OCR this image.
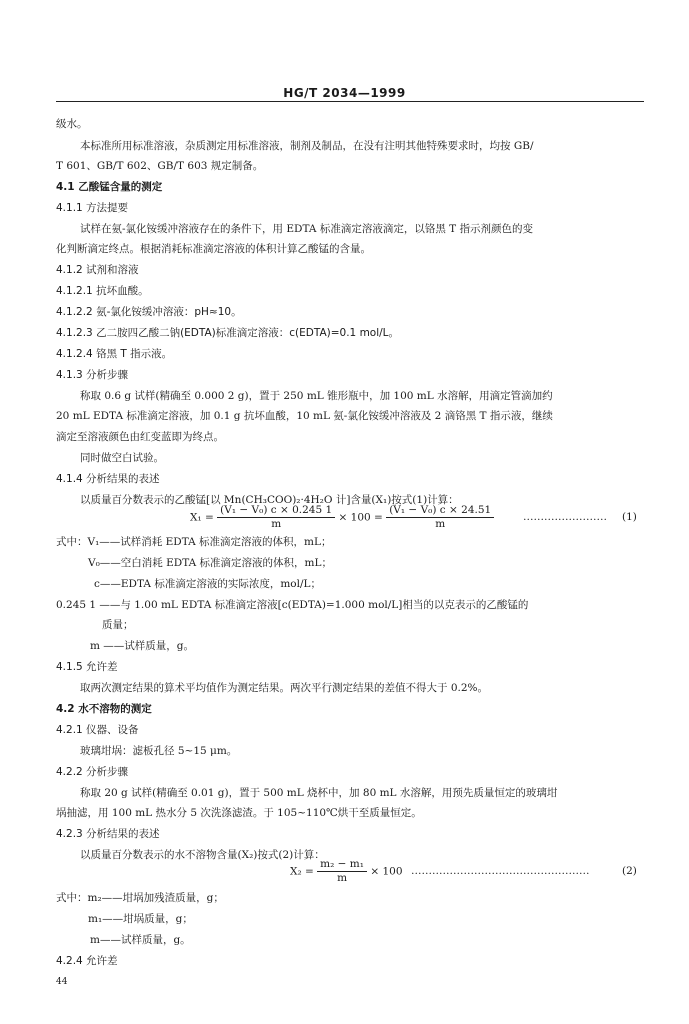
HG/T 2034—1999
级水。
本标准所用标准溶液，杂质测定用标准溶液，制剂及制品，在没有注明其他特殊要求时，均按 GB/
T 601、GB/T 602、GB/T 603 规定制备。
4.1 乙酸锰含量的测定
4.1.1 方法提要
试样在氨-氯化铵缓冲溶液存在的条件下，用 EDTA 标准滴定溶液滴定，以铬黑 T 指示剂颜色的变
化判断滴定终点。根据消耗标准滴定溶液的体积计算乙酸锰的含量。
4.1.2 试剂和溶液
4.1.2.1 抗坏血酸。
4.1.2.2 氨-氯化铵缓冲溶液：pH≈10。
4.1.2.3 乙二胺四乙酸二钠(EDTA)标准滴定溶液：c(EDTA)=0.1 mol/L。
4.1.2.4 铬黑 T 指示液。
4.1.3 分析步骤
称取 0.6 g 试样(精确至 0.000 2 g)，置于 250 mL 锥形瓶中，加 100 mL 水溶解，用滴定管滴加约
20 mL EDTA 标准滴定溶液，加 0.1 g 抗坏血酸，10 mL 氨-氯化铵缓冲溶液及 2 滴铬黑 T 指示液，继续
滴定至溶液颜色由红变蓝即为终点。
同时做空白试验。
4.1.4 分析结果的表述
以质量百分数表示的乙酸锰[以 Mn(CH₃COO)₂·4H₂O 计]含量(X₁)按式(1)计算：
$X_1 = \frac{\text{(V₁ − V₀) c × 0.245 1}}{m} \times 100 = \frac{\text{(V₁ − V₀) c × 24.51}}{m}$	…………………… (1)
式中：V₁——试样消耗 EDTA 标准滴定溶液的体积，mL；
V₀——空白消耗 EDTA 标准滴定溶液的体积，mL；
c——EDTA 标准滴定溶液的实际浓度，mol/L；
0.245 1 ——与 1.00 mL EDTA 标准滴定溶液[c(EDTA)=1.000 mol/L]相当的以克表示的乙酸锰的
质量；
m ——试样质量，g。
4.1.5 允许差
取两次测定结果的算术平均值作为测定结果。两次平行测定结果的差值不得大于 0.2%。
4.2 水不溶物的测定
4.2.1 仪器、设备
玻璃坩埚：滤板孔径 5~15 μm。
4.2.2 分析步骤
称取 20 g 试样(精确至 0.01 g)，置于 500 mL 烧杯中，加 80 mL 水溶解，用预先质量恒定的玻璃坩
埚抽滤，用 100 mL 热水分 5 次洗涤滤渣。于 105~110℃烘干至质量恒定。
4.2.3 分析结果的表述
以质量百分数表示的水不溶物含量(X₂)按式(2)计算：
$X_2 = \frac{\text{m₂ − m₁}}{m} \times 100$ ……………………………………………	(2)
式中：m₂——坩埚加残渣质量，g；
m₁——坩埚质量，g；
m——试样质量，g。
4.2.4 允许差
44
